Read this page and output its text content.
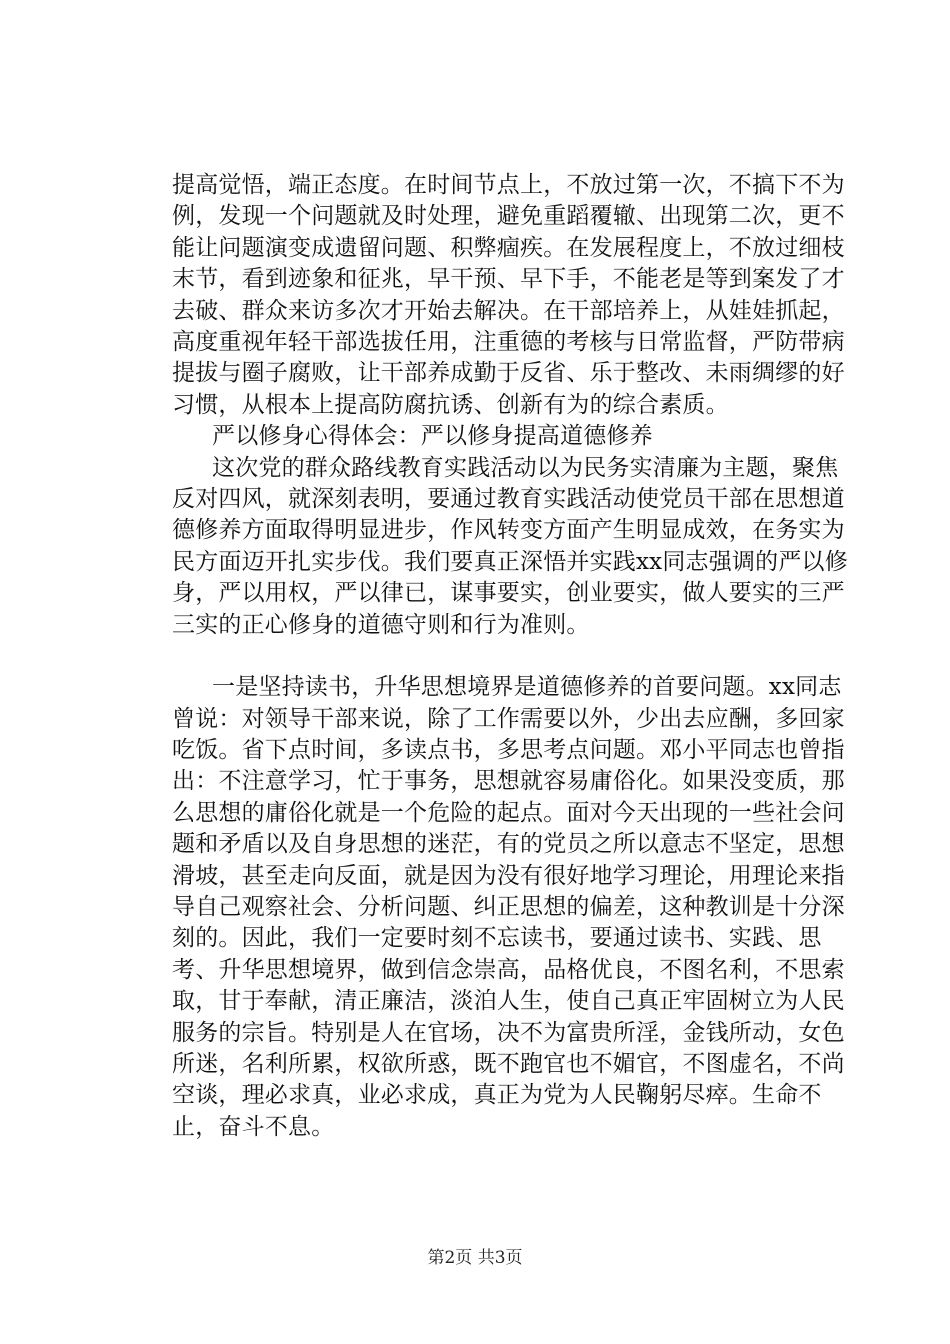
提高觉悟，端正态度。在时间节点上，不放过第一次，不搞下不为例，发现一个问题就及时处理，避免重蹈覆辙、出现第二次，更不能让问题演变成遗留问题、积弊痼疾。在发展程度上，不放过细枝末节，看到迹象和征兆，早干预、早下手，不能老是等到案发了才去破、群众来访多次才开始去解决。在干部培养上，从娃娃抓起，高度重视年轻干部选拔任用，注重德的考核与日常监督，严防带病提拔与圈子腐败，让干部养成勤于反省、乐于整改、未雨绸缪的好习惯，从根本上提高防腐抗诱、创新有为的综合素质。

严以修身心得体会：严以修身提高道德修养

这次党的群众路线教育实践活动以为民务实清廉为主题，聚焦反对四风，就深刻表明，要通过教育实践活动使党员干部在思想道德修养方面取得明显进步，作风转变方面产生明显成效，在务实为民方面迈开扎实步伐。我们要真正深悟并实践xx同志强调的严以修身，严以用权，严以律已，谋事要实，创业要实，做人要实的三严三实的正心修身的道德守则和行为准则。

一是坚持读书，升华思想境界是道德修养的首要问题。xx同志曾说：对领导干部来说，除了工作需要以外，少出去应酬，多回家吃饭。省下点时间，多读点书，多思考点问题。邓小平同志也曾指出：不注意学习，忙于事务，思想就容易庸俗化。如果没变质，那么思想的庸俗化就是一个危险的起点。面对今天出现的一些社会问题和矛盾以及自身思想的迷茫，有的党员之所以意志不坚定，思想滑坡，甚至走向反面，就是因为没有很好地学习理论，用理论来指导自己观察社会、分析问题、纠正思想的偏差，这种教训是十分深刻的。因此，我们一定要时刻不忘读书，要通过读书、实践、思考、升华思想境界，做到信念崇高，品格优良，不图名利，不思索取，甘于奉献，清正廉洁，淡泊人生，使自己真正牢固树立为人民服务的宗旨。特别是人在官场，决不为富贵所淫，金钱所动，女色所迷，名利所累，权欲所惑，既不跑官也不媚官，不图虚名，不尚空谈，理必求真，业必求成，真正为党为人民鞠躬尽瘁。生命不止，奋斗不息。

第2页 共3页
